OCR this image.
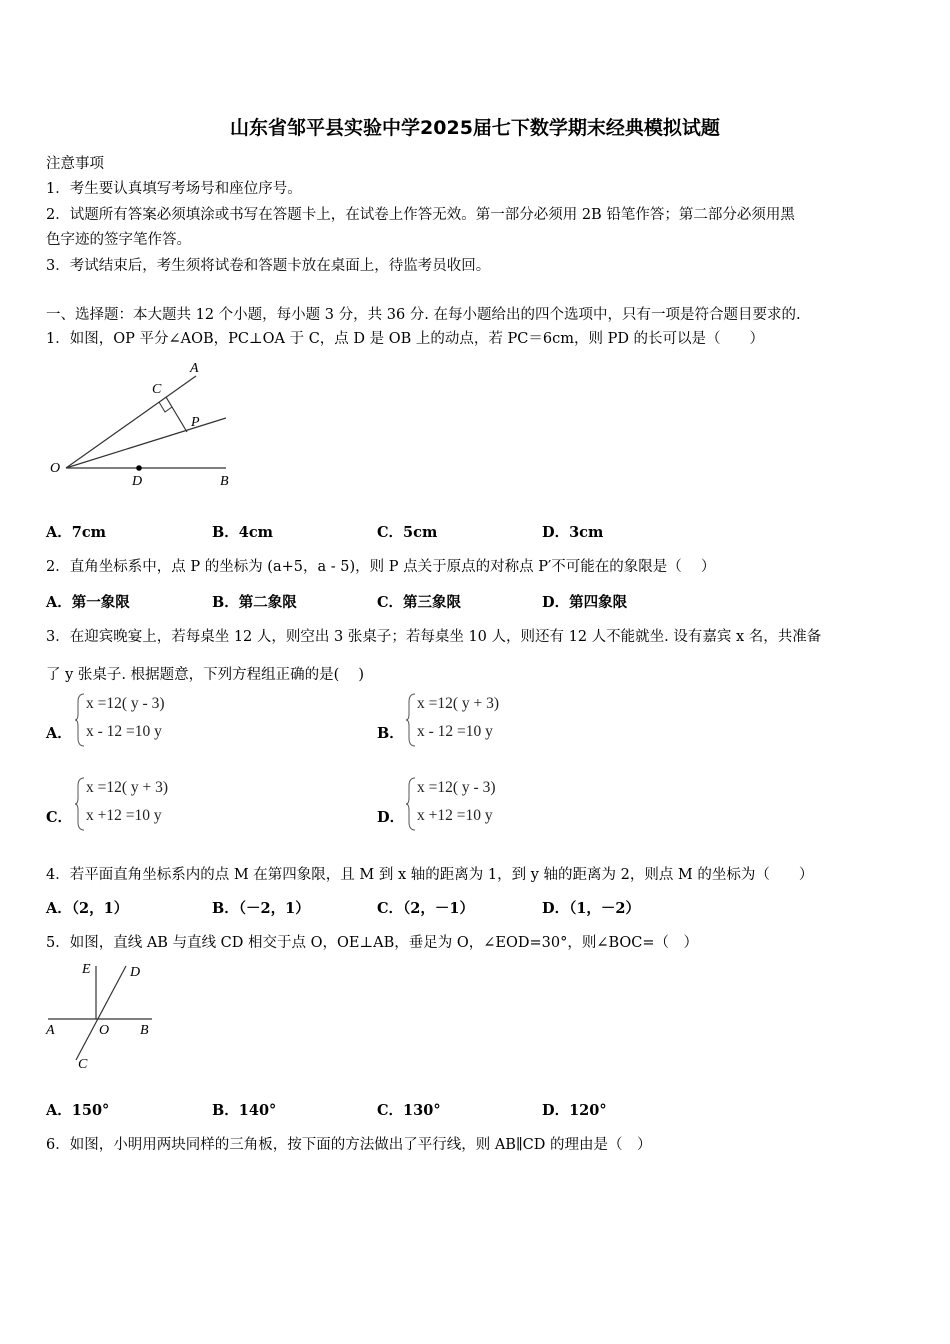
山东省邹平县实验中学2025届七下数学期末经典模拟试题
注意事项
1．考生要认真填写考场号和座位序号。
2．试题所有答案必须填涂或书写在答题卡上，在试卷上作答无效。第一部分必须用 2B 铅笔作答；第二部分必须用黑
色字迹的签字笔作答。
3．考试结束后，考生须将试卷和答题卡放在桌面上，待监考员收回。
一、选择题：本大题共 12 个小题，每小题 3 分，共 36 分. 在每小题给出的四个选项中，只有一项是符合题目要求的.
1．如图，OP 平分∠AOB，PC⊥OA 于 C，点 D 是 OB 上的动点，若 PC＝6cm，则 PD 的长可以是（　　）
A
C
P
O
D	B
A．7cm	B．4cm	C．5cm	D．3cm
2．直角坐标系中，点 P 的坐标为 (a+5，a - 5)，则 P 点关于原点的对称点 P′不可能在的象限是（　 ）
A．第一象限	B．第二象限	C．第三象限	D．第四象限
3．在迎宾晚宴上，若每桌坐 12 人，则空出 3 张桌子；若每桌坐 10 人，则还有 12 人不能就坐. 设有嘉宾 x 名，共准备
了 y 张桌子. 根据题意，下列方程组正确的是(　 )
A．
x =12( y - 3)
x - 12 =10 y	B．
x =12( y + 3)
x - 12 =10 y
C．
x =12( y + 3)
x +12 =10 y	D．
x =12( y - 3)
x +12 =10 y
4．若平面直角坐标系内的点 M 在第四象限，且 M 到 x 轴的距离为 1，到 y 轴的距离为 2，则点 M 的坐标为（　　）
A．（2，1）	B．（－2，1）	C．（2，－1）	D．（1，－2）
5．如图，直线 AB 与直线 CD 相交于点 O，OE⊥AB，垂足为 O，∠EOD=30°，则∠BOC=（　）
E	D
A	O B
C
A．150°	B．140°	C．130°	D．120°
6．如图，小明用两块同样的三角板，按下面的方法做出了平行线，则 AB∥CD 的理由是（　）
